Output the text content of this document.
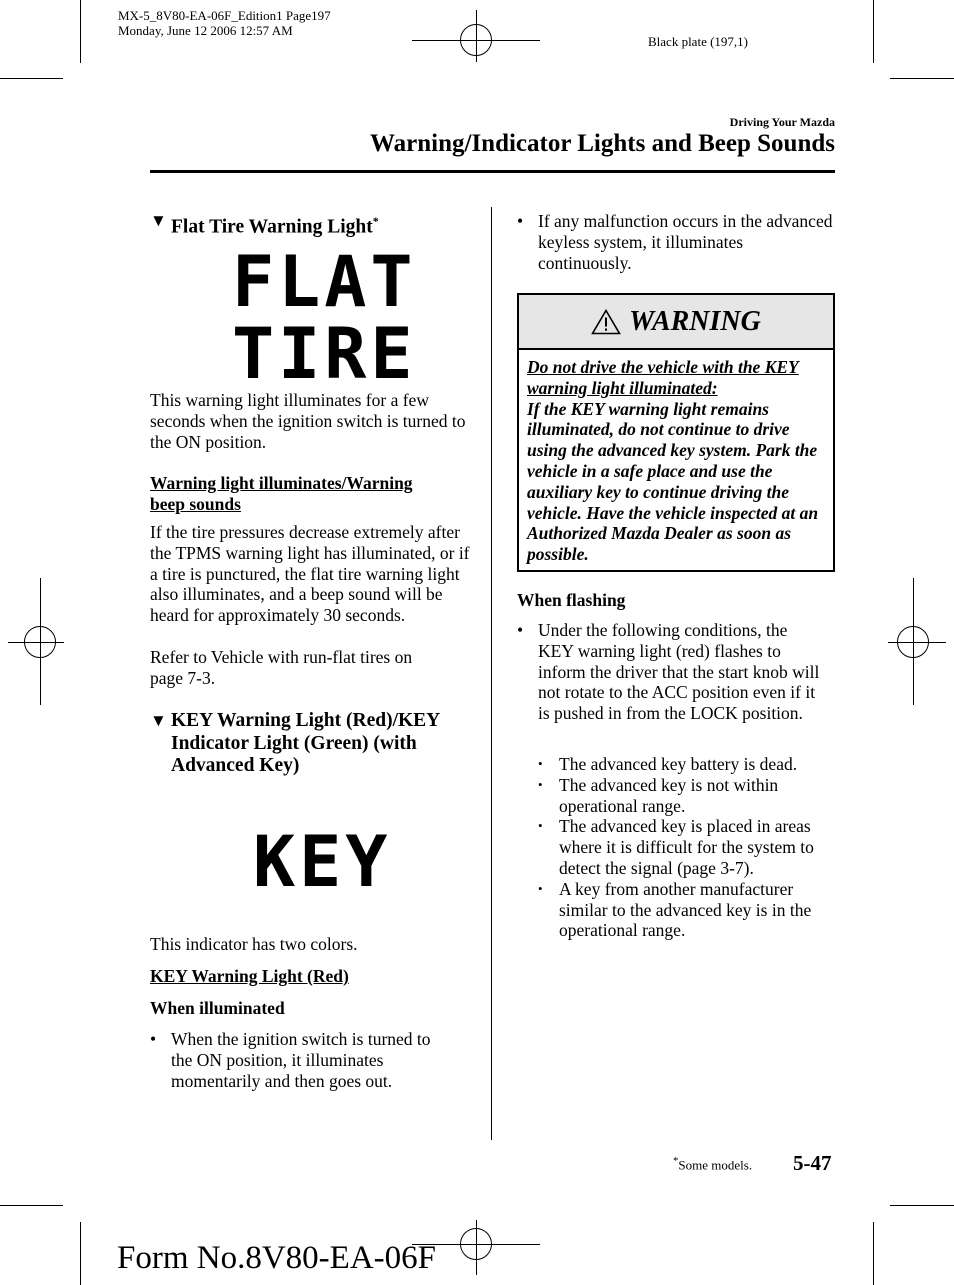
MX-5_8V80-EA-06F_Edition1 Page197
Monday, June 12 2006 12:57 AM
Black plate (197,1)
Driving Your Mazda
Warning/Indicator Lights and Beep Sounds
▼ Flat Tire Warning Light*
FLAT
TIRE

This warning light illuminates for a few seconds when the ignition switch is turned to the ON position.

Warning light illuminates/Warning beep sounds

If the tire pressures decrease extremely after the TPMS warning light has illuminated, or if a tire is punctured, the flat tire warning light also illuminates, and a beep sound will be heard for approximately 30 seconds.

Refer to Vehicle with run-flat tires on page 7-3.

▼ KEY Warning Light (Red)/KEY Indicator Light (Green) (with Advanced Key)
KEY

This indicator has two colors.

KEY Warning Light (Red)

When illuminated

• When the ignition switch is turned to the ON position, it illuminates momentarily and then goes out.
• If any malfunction occurs in the advanced keyless system, it illuminates continuously.
WARNING
Do not drive the vehicle with the KEY warning light illuminated:
If the KEY warning light remains illuminated, do not continue to drive using the advanced key system. Park the vehicle in a safe place and use the auxiliary key to continue driving the vehicle. Have the vehicle inspected at an Authorized Mazda Dealer as soon as possible.

When flashing

• Under the following conditions, the KEY warning light (red) flashes to inform the driver that the start knob will not rotate to the ACC position even if it is pushed in from the LOCK position.
• The advanced key battery is dead.
• The advanced key is not within operational range.
• The advanced key is placed in areas where it is difficult for the system to detect the signal (page 3-7).
• A key from another manufacturer similar to the advanced key is in the operational range.
*Some models. 5-47
Form No.8V80-EA-06F
